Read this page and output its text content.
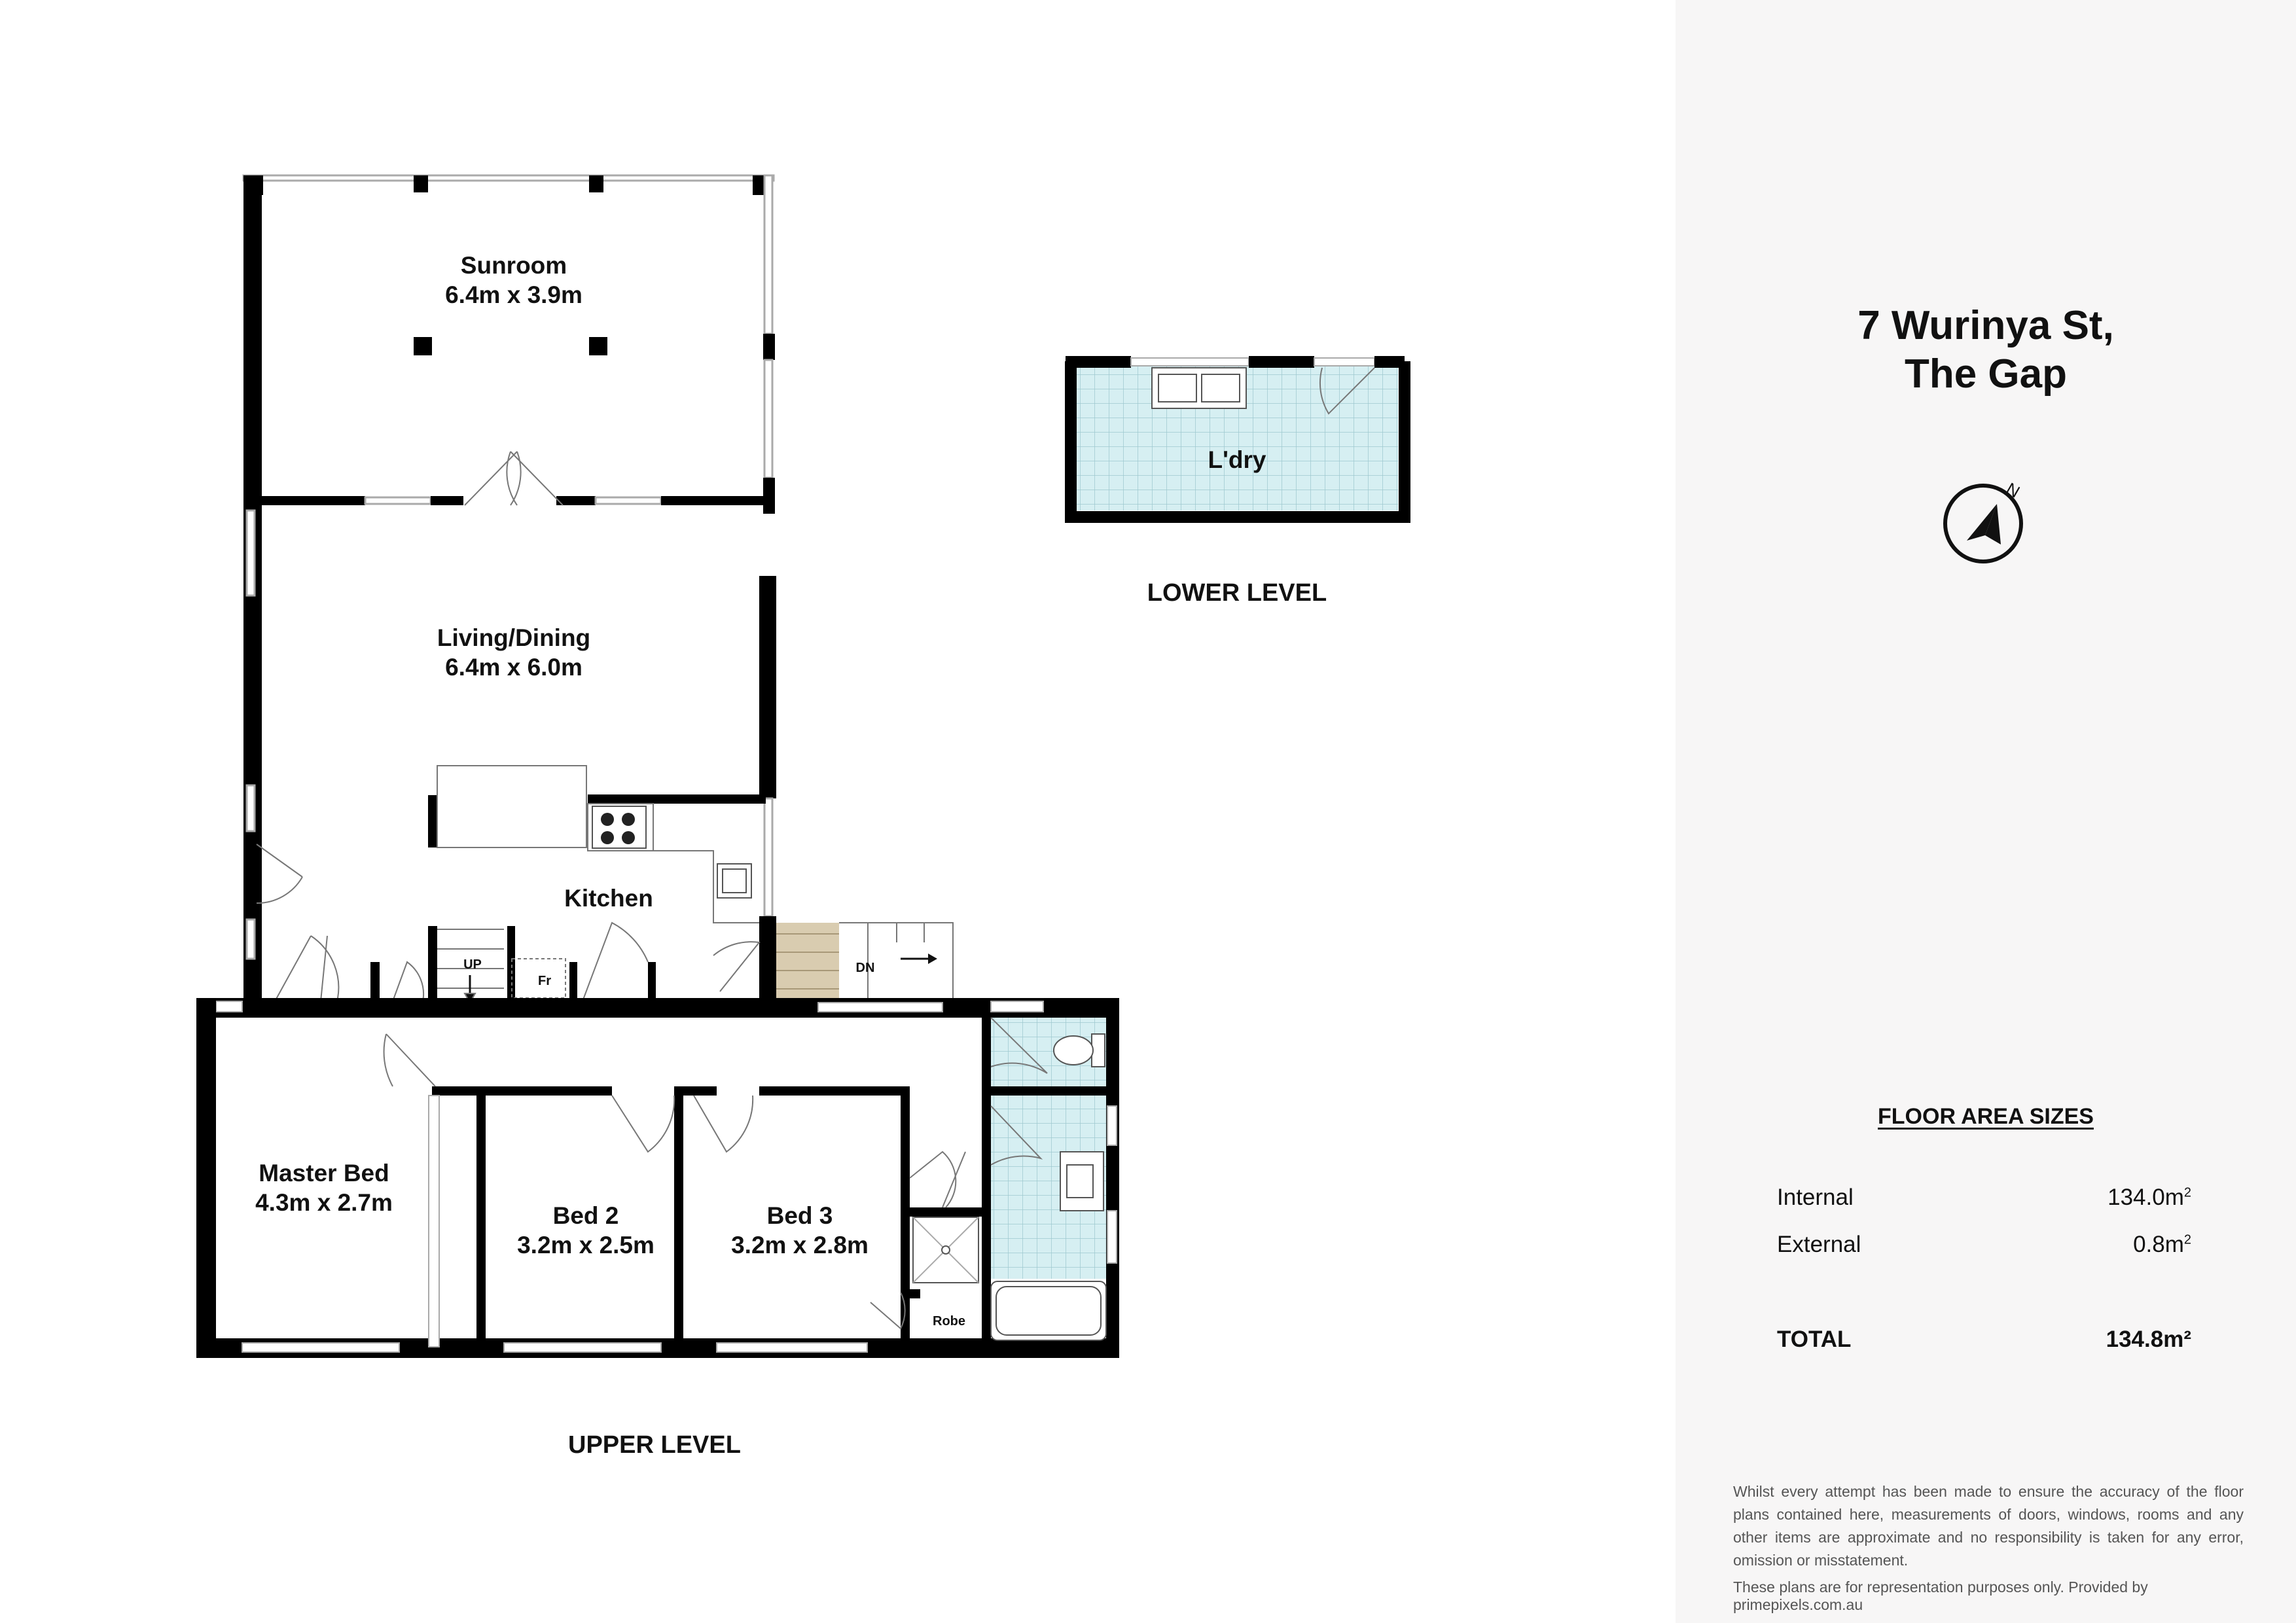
Sunroom
6.4m x 3.9m
Living/Dining
6.4m x 6.0m
Kitchen
Master Bed
4.3m x 2.7m	Bed 2
3.2m x 2.5m
Bed 3
3.2m x 2.8m
L'dry
Robe
Fr
UP	DN
LOWER LEVEL
UPPER LEVEL
7 Wurinya St,
The Gap
N
FLOOR AREA SIZES
Internal	$134.0m^2$
External	$0.8m^2$
TOTAL	134.8m²
Whilst every attempt has been made to ensure the accuracy of the floor plans contained here, measurements of doors, windows, rooms and any other items are approximate and no responsibility is taken for any error, omission or misstatement.
These plans are for representation purposes only. Provided by primepixels.com.au
